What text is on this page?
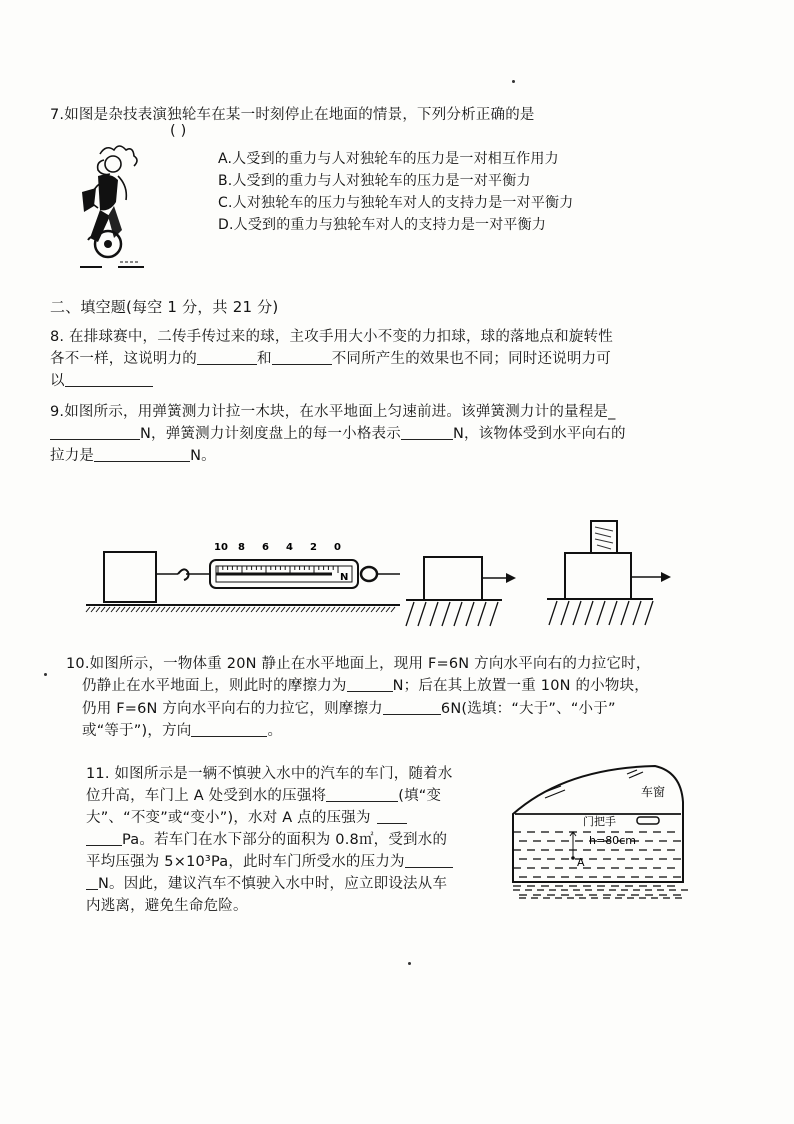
7.如图是杂技表演独轮车在某一时刻停止在地面的情景，下列分析正确的是
( )
A.人受到的重力与人对独轮车的压力是一对相互作用力
B.人受到的重力与人对独轮车的压力是一对平衡力
C.人对独轮车的压力与独轮车对人的支持力是一对平衡力
D.人受到的重力与独轮车对人的支持力是一对平衡力
二、填空题(每空 1 分，共 21 分)
8. 在排球赛中，二传手传过来的球，主攻手用大小不变的力扣球，球的落地点和旋转性
各不一样，这说明力的	和	不同所产生的效果也不同；同时还说明力可
以
9.如图所示，用弹簧测力计拉一木块，在水平地面上匀速前进。该弹簧测力计的量程是_
N，弹簧测力计刻度盘上的每一小格表示	N，该物体受到水平向右的
拉力是	N。
10 8 6 4 2 0
N
10.如图所示，一物体重 20N 静止在水平地面上，现用 F=6N 方向水平向右的力拉它时，
仍静止在水平地面上，则此时的摩擦力为	N；后在其上放置一重 10N 的小物块，
仍用 F=6N 方向水平向右的力拉它，则摩擦力	6N(选填：“大于”、“小于”
或“等于”)，方向	。
11. 如图所示是一辆不慎驶入水中的汽车的车门，随着水
位升高，车门上 A 处受到水的压强将	(填“变
大”、“不变”或“变小”)，水对 A 点的压强为
Pa。若车门在水下部分的面积为 0.8㎡，受到水的
平均压强为 5×10³Pa，此时车门所受水的压力为
N。因此，建议汽车不慎驶入水中时，应立即设法从车
内逃离，避免生命危险。
车窗
门把手
h=80cm
A
